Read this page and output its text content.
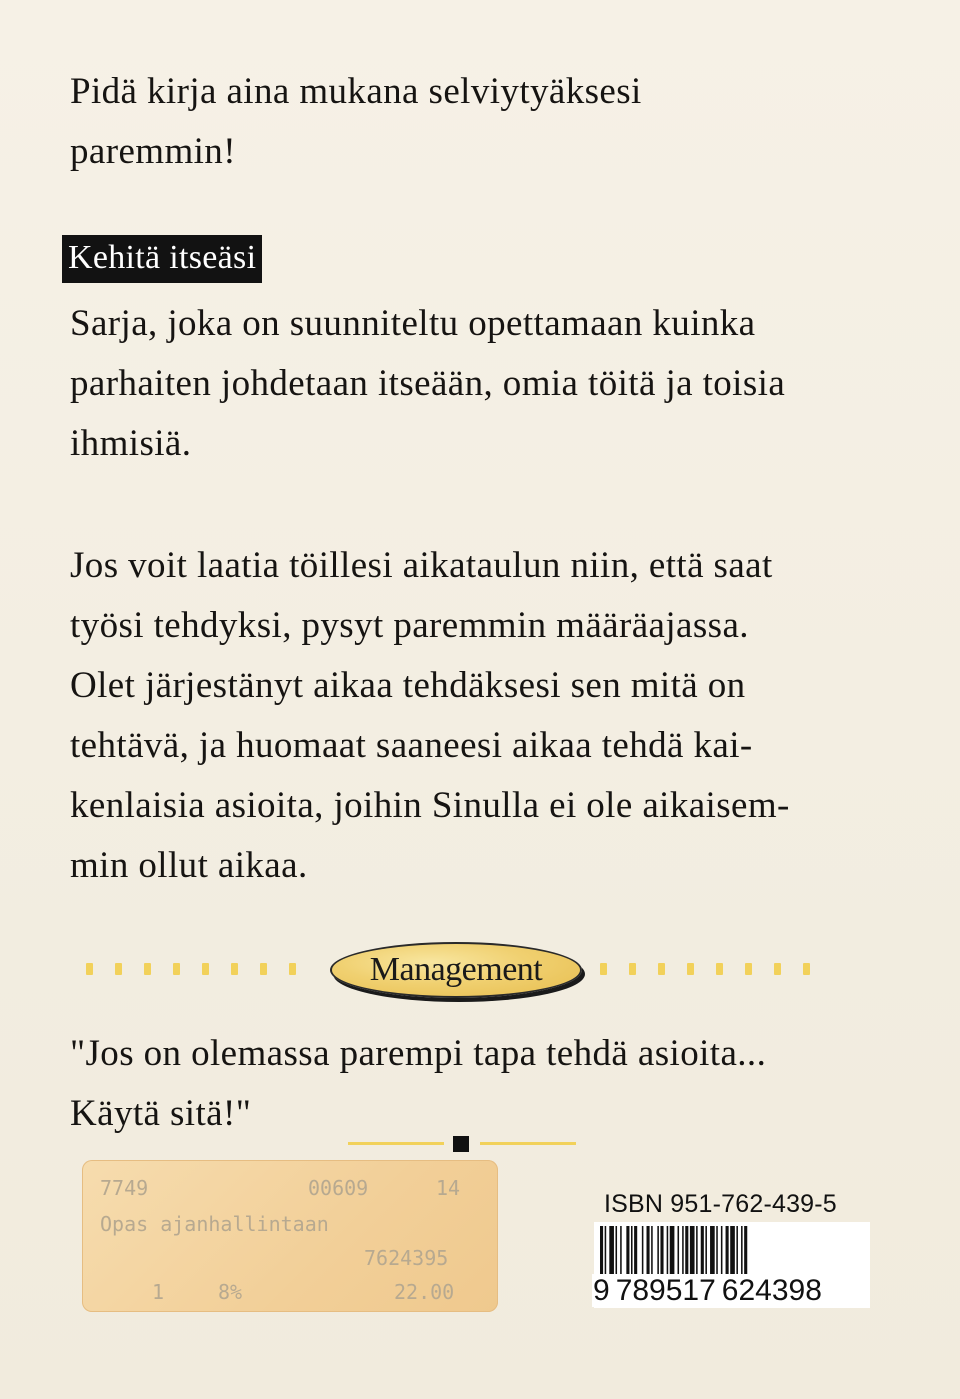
Pidä kirja aina mukana selviytyäksesi
paremmin!
Kehitä itseäsi
Sarja, joka on suunniteltu opettamaan kuinka
parhaiten johdetaan itseään, omia töitä ja toisia
ihmisiä.
Jos voit laatia töillesi aikataulun niin, että saat
työsi tehdyksi, pysyt paremmin määräajassa.
Olet järjestänyt aikaa tehdäksesi sen mitä on
tehtävä, ja huomaat saaneesi aikaa tehdä kai-
kenlaisia asioita, joihin Sinulla ei ole aikaisem-
min ollut aikaa.
Management
"Jos on olemassa parempi tapa tehdä asioita...
Käytä sitä!"
7749	00609	14
Opas ajanhallintaan
7624395
1	8%	22.00
ISBN 951-762-439-5
9 789517 624398
